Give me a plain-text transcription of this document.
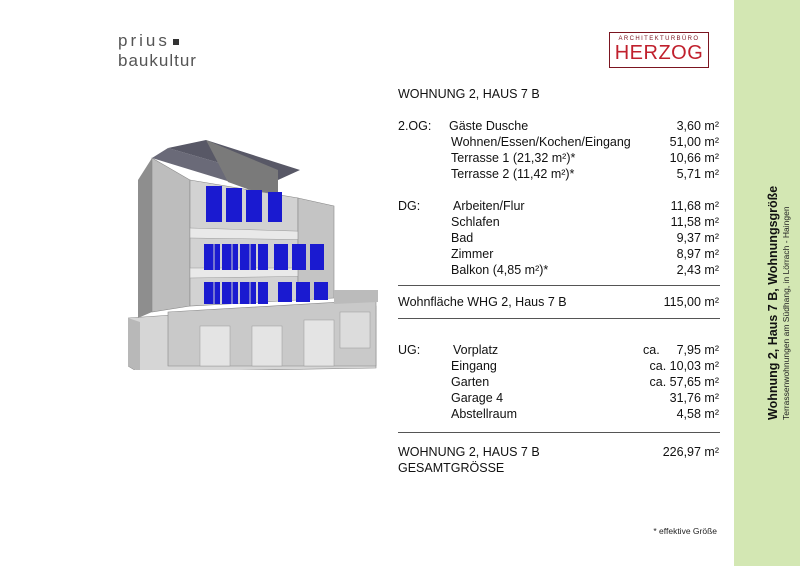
prius
baukultur
ARCHITEKTURBÜRO
HERZOG
WOHNUNG 2, HAUS 7 B
2.OG: Gäste Dusche	3,60 m²
Wohnen/Essen/Kochen/Eingang	51,00 m²
Terrasse 1 (21,32 m²)*	10,66 m²
Terrasse 2 (11,42 m²)*	5,71 m²
DG:	Arbeiten/Flur	11,68 m²
Schlafen	11,58 m²
Bad	9,37 m²
Zimmer	8,97 m²
Balkon (4,85 m²)*	2,43 m²
Wohnfläche WHG 2, Haus 7 B	115,00 m²
UG:	Vorplatz	ca. 7,95 m²
Eingang	ca. 10,03 m²
Garten	ca. 57,65 m²
Garage 4	31,76 m²
Abstellraum	4,58 m²
WOHNUNG 2, HAUS 7 B
GESAMTGRÖSSE
226,97 m²
* effektive Größe
Wohnung 2, Haus 7 B, Wohnungsgröße Terrassenwohnungen am Südhang, in Lörrach - Haingen
